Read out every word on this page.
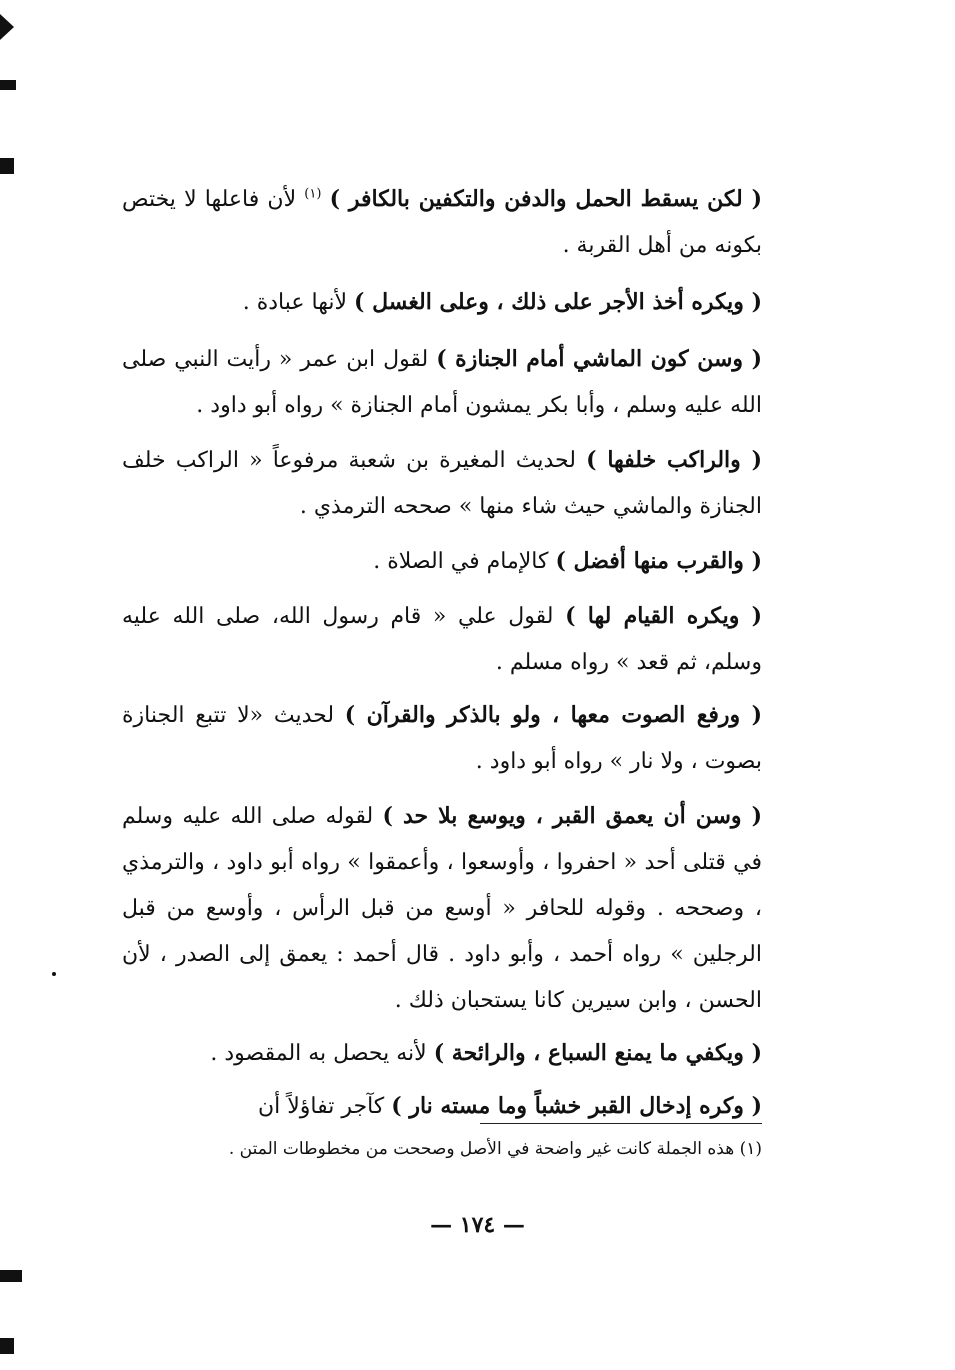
( لكن يسقط الحمل والدفن والتكفين بالكافر ) $^{(١)}$ لأن فاعلها لا يختص بكونه من أهل القربة .
( ويكره أخذ الأجر على ذلك ، وعلى الغسل ) لأنها عبادة .
( وسن كون الماشي أمام الجنازة ) لقول ابن عمر « رأيت النبي صلى الله عليه وسلم ، وأبا بكر يمشون أمام الجنازة » رواه أبو داود .
( والراكب خلفها ) لحديث المغيرة بن شعبة مرفوعاً « الراكب خلف الجنازة والماشي حيث شاء منها » صححه الترمذي .
( والقرب منها أفضل ) كالإمام في الصلاة .
( ويكره القيام لها ) لقول علي « قام رسول الله، صلى الله عليه وسلم، ثم قعد » رواه مسلم .
( ورفع الصوت معها ، ولو بالذكر والقرآن ) لحديث «لا تتبع الجنازة بصوت ، ولا نار » رواه أبو داود .
( وسن أن يعمق القبر ، ويوسع بلا حد ) لقوله صلى الله عليه وسلم في قتلى أحد « احفروا ، وأوسعوا ، وأعمقوا » رواه أبو داود ، والترمذي ، وصححه . وقوله للحافر « أوسع من قبل الرأس ، وأوسع من قبل الرجلين » رواه أحمد ، وأبو داود . قال أحمد : يعمق إلى الصدر ، لأن الحسن ، وابن سيرين كانا يستحبان ذلك .
( ويكفي ما يمنع السباع ، والرائحة ) لأنه يحصل به المقصود .
( وكره إدخال القبر خشباً وما مسته نار ) كآجر تفاؤلاً أن
(١) هذه الجملة كانت غير واضحة في الأصل وصححت من مخطوطات المتن .
— ١٧٤ —
